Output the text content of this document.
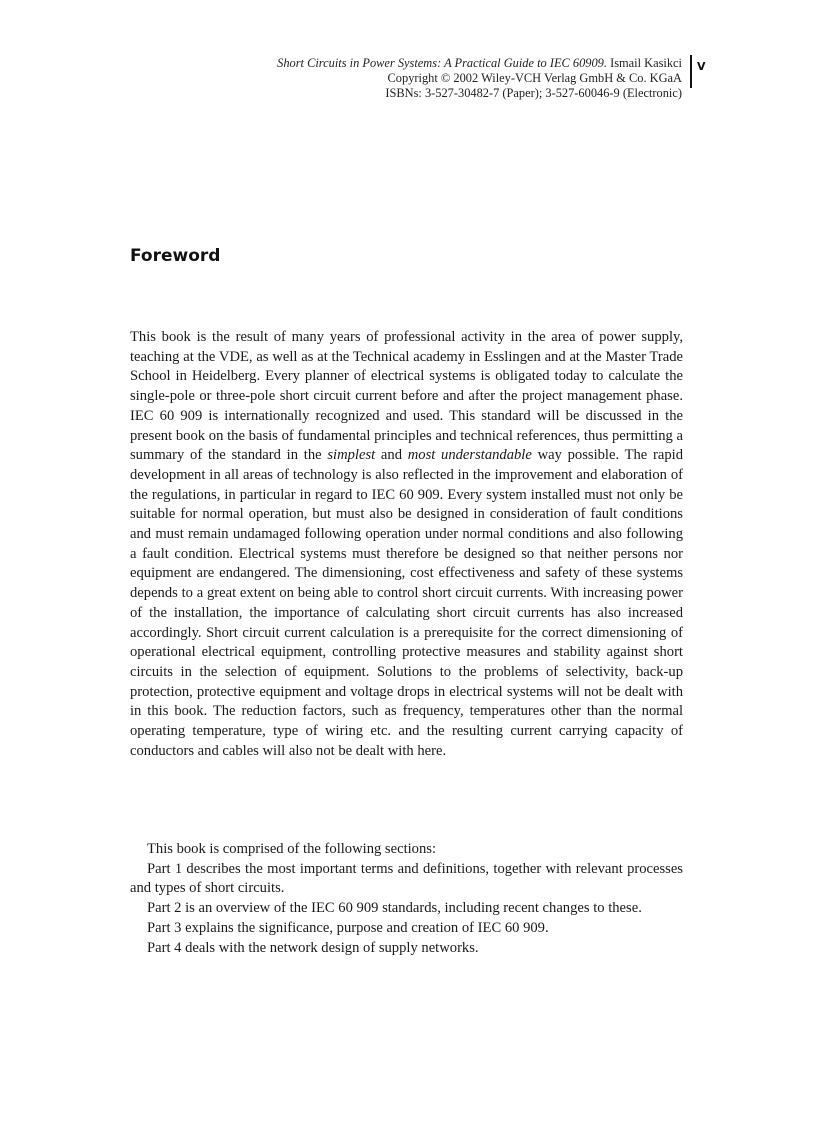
Short Circuits in Power Systems: A Practical Guide to IEC 60909. Ismail Kasikci
Copyright © 2002 Wiley-VCH Verlag GmbH & Co. KGaA
ISBNs: 3-527-30482-7 (Paper); 3-527-60046-9 (Electronic)
V
Foreword

This book is the result of many years of professional activity in the area of power supply, teaching at the VDE, as well as at the Technical academy in Esslingen and at the Master Trade School in Heidelberg. Every planner of electrical systems is obligated today to calculate the single-pole or three-pole short circuit current before and after the project management phase. IEC 60 909 is internationally recognized and used. This standard will be discussed in the present book on the basis of fundamental principles and technical references, thus permitting a summary of the standard in the simplest and most understandable way possible. The rapid development in all areas of technology is also reflected in the improvement and elaboration of the regulations, in particular in regard to IEC 60 909. Every system installed must not only be suitable for normal operation, but must also be designed in consideration of fault conditions and must remain undamaged following operation under normal conditions and also following a fault condition. Electrical systems must therefore be designed so that neither persons nor equipment are endangered. The dimensioning, cost effectiveness and safety of these systems depends to a great extent on being able to control short circuit currents. With increasing power of the installation, the importance of calculating short circuit currents has also increased accordingly. Short circuit current calculation is a prerequisite for the correct dimensioning of operational electrical equipment, controlling protective measures and stability against short circuits in the selection of equipment. Solutions to the problems of selectivity, back-up protection, protective equipment and voltage drops in electrical systems will not be dealt with in this book. The reduction factors, such as frequency, temperatures other than the normal operating temperature, type of wiring etc. and the resulting current carrying capacity of conductors and cables will also not be dealt with here.

This book is comprised of the following sections:

Part 1 describes the most important terms and definitions, together with relevant processes and types of short circuits.

Part 2 is an overview of the IEC 60 909 standards, including recent changes to these.

Part 3 explains the significance, purpose and creation of IEC 60 909.

Part 4 deals with the network design of supply networks.
